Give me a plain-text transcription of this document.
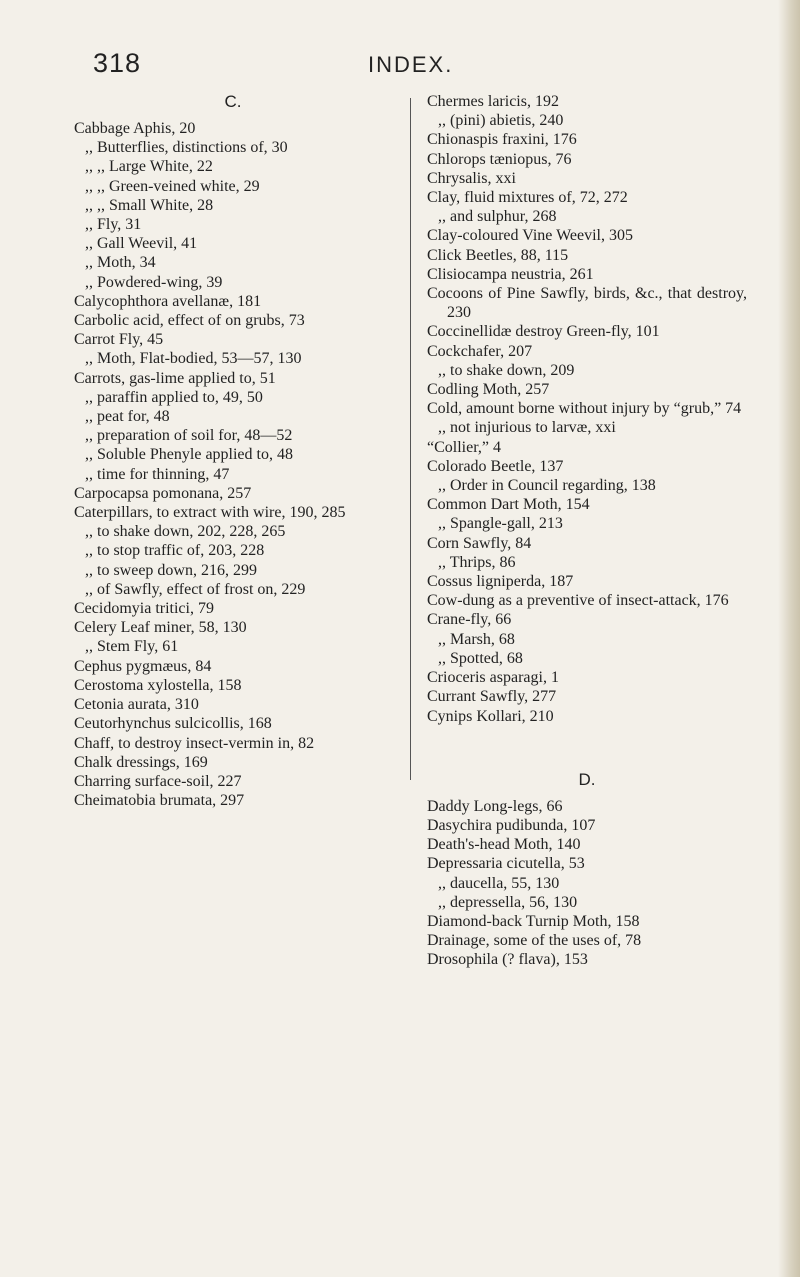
318	INDEX.
C.

Cabbage Aphis, 20

,, Butterflies, distinctions of, 30

,, ,, Large White, 22

,, ,, Green-veined white, 29

,, ,, Small White, 28

,, Fly, 31

,, Gall Weevil, 41

,, Moth, 34

,, Powdered-wing, 39

Calycophthora avellanæ, 181

Carbolic acid, effect of on grubs, 73

Carrot Fly, 45

,, Moth, Flat-bodied, 53—57, 130

Carrots, gas-lime applied to, 51

,, paraffin applied to, 49, 50

,, peat for, 48

,, preparation of soil for, 48—52

,, Soluble Phenyle applied to, 48

,, time for thinning, 47

Carpocapsa pomonana, 257

Caterpillars, to extract with wire, 190, 285

,, to shake down, 202, 228, 265

,, to stop traffic of, 203, 228

,, to sweep down, 216, 299

,, of Sawfly, effect of frost on, 229

Cecidomyia tritici, 79

Celery Leaf miner, 58, 130

,, Stem Fly, 61

Cephus pygmæus, 84

Cerostoma xylostella, 158

Cetonia aurata, 310

Ceutorhynchus sulcicollis, 168

Chaff, to destroy insect-vermin in, 82

Chalk dressings, 169

Charring surface-soil, 227

Cheimatobia brumata, 297

Chermes laricis, 192

,, (pini) abietis, 240

Chionaspis fraxini, 176

Chlorops tæniopus, 76

Chrysalis, xxi

Clay, fluid mixtures of, 72, 272

,, and sulphur, 268

Clay-coloured Vine Weevil, 305

Click Beetles, 88, 115

Clisiocampa neustria, 261

Cocoons of Pine Sawfly, birds, &c., that destroy, 230

Coccinellidæ destroy Green-fly, 101

Cockchafer, 207

,, to shake down, 209

Codling Moth, 257

Cold, amount borne without injury by “grub,” 74

,, not injurious to larvæ, xxi

“Collier,” 4

Colorado Beetle, 137

,, Order in Council regarding, 138

Common Dart Moth, 154

,, Spangle-gall, 213

Corn Sawfly, 84

,, Thrips, 86

Cossus ligniperda, 187

Cow-dung as a preventive of insect-attack, 176

Crane-fly, 66

,, Marsh, 68

,, Spotted, 68

Crioceris asparagi, 1

Currant Sawfly, 277

Cynips Kollari, 210

D.

Daddy Long-legs, 66

Dasychira pudibunda, 107

Death's-head Moth, 140

Depressaria cicutella, 53

,, daucella, 55, 130

,, depressella, 56, 130

Diamond-back Turnip Moth, 158

Drainage, some of the uses of, 78

Drosophila (? flava), 153
